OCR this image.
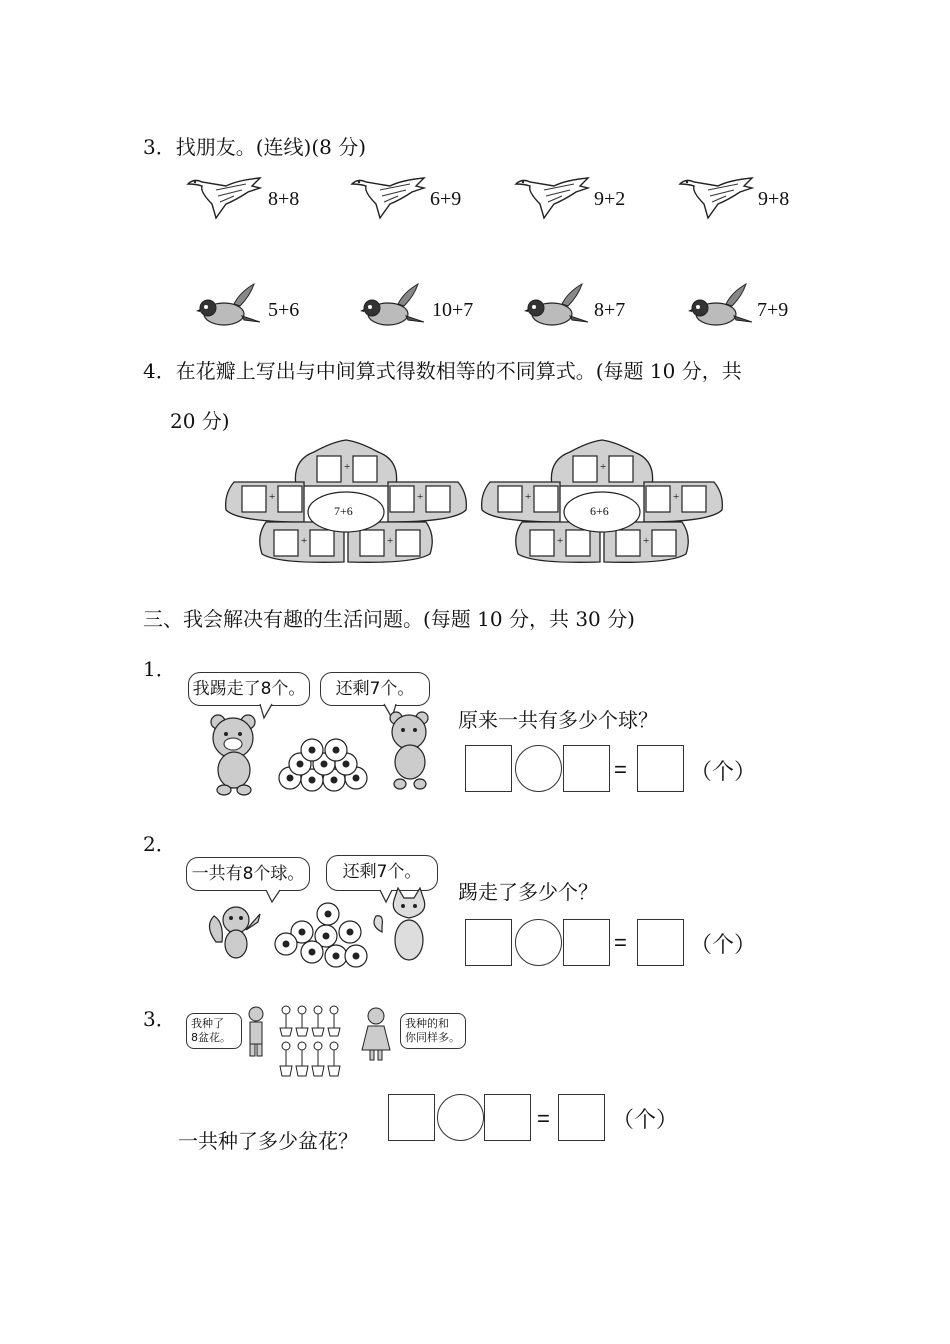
3．找朋友。(连线)(8 分)
8+8	6+9	9+2	9+8
5+6	10+7	8+7	7+9
4．在花瓣上写出与中间算式得数相等的不同算式。(每题 10 分，共
20 分)
+
+	+
+	+
7+6
+
+	+
+	+
6+6
三、我会解决有趣的生活问题。(每题 10 分，共 30 分)
1．
我踢走了8个。	还剩7个。
原来一共有多少个球？
=	（个）
2．
一共有8个球。	还剩7个。
踢走了多少个？
=	（个）
3．	我种了
8盆花。
我种的和
你同样多。
一共种了多少盆花？
=	（个）
